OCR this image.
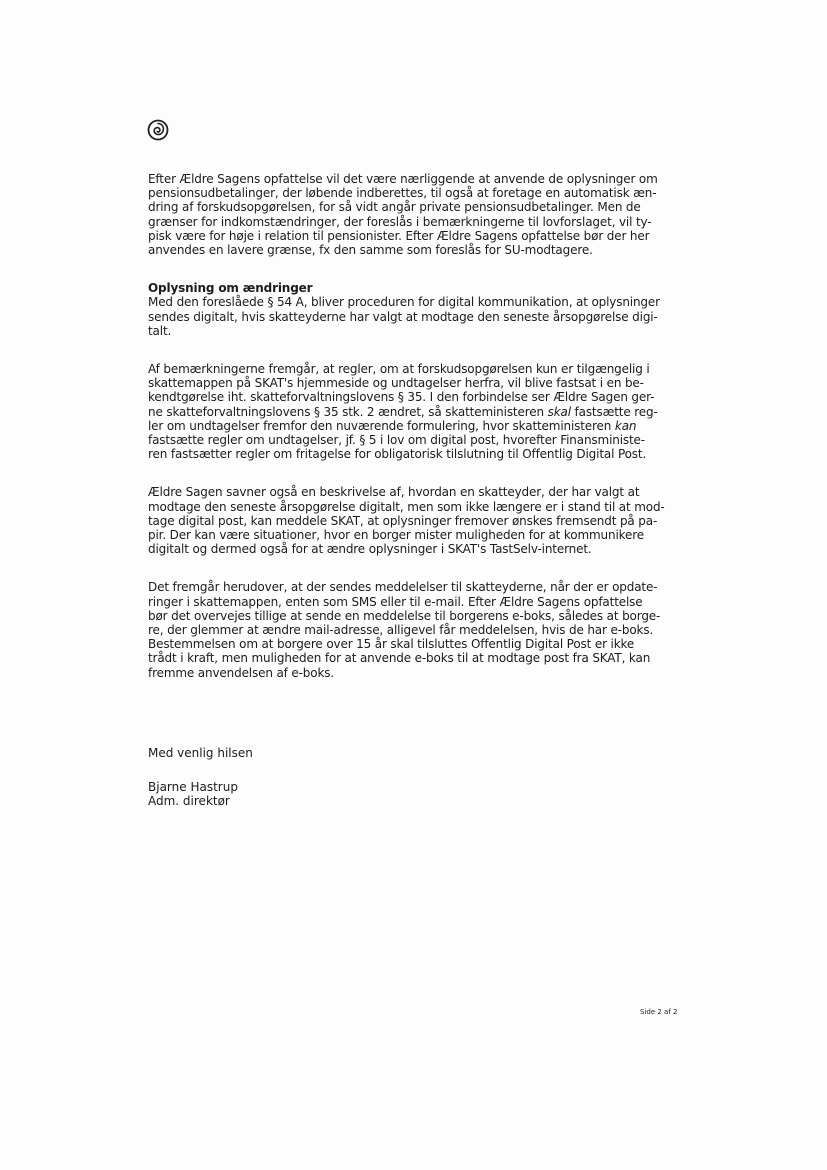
Efter Ældre Sagens opfattelse vil det være nærliggende at anvende de oplysninger om
pensionsudbetalinger, der løbende indberettes, til også at foretage en automatisk æn-
dring af forskudsopgørelsen, for så vidt angår private pensionsudbetalinger. Men de
grænser for indkomstændringer, der foreslås i bemærkningerne til lovforslaget, vil ty-
pisk være for høje i relation til pensionister. Efter Ældre Sagens opfattelse bør der her
anvendes en lavere grænse, fx den samme som foreslås for SU-modtagere.

Oplysning om ændringer
Med den foreslåede § 54 A, bliver proceduren for digital kommunikation, at oplysninger
sendes digitalt, hvis skatteyderne har valgt at modtage den seneste årsopgørelse digi-
talt.

Af bemærkningerne fremgår, at regler, om at forskudsopgørelsen kun er tilgængelig i
skattemappen på SKAT's hjemmeside og undtagelser herfra, vil blive fastsat i en be-
kendtgørelse iht. skatteforvaltningslovens § 35. I den forbindelse ser Ældre Sagen ger-
ne skatteforvaltningslovens § 35 stk. 2 ændret, så skatteministeren skal fastsætte reg-
ler om undtagelser fremfor den nuværende formulering, hvor skatteministeren kan
fastsætte regler om undtagelser, jf. § 5 i lov om digital post, hvorefter Finansministe-
ren fastsætter regler om fritagelse for obligatorisk tilslutning til Offentlig Digital Post.

Ældre Sagen savner også en beskrivelse af, hvordan en skatteyder, der har valgt at
modtage den seneste årsopgørelse digitalt, men som ikke længere er i stand til at mod-
tage digital post, kan meddele SKAT, at oplysninger fremover ønskes fremsendt på pa-
pir. Der kan være situationer, hvor en borger mister muligheden for at kommunikere
digitalt og dermed også for at ændre oplysninger i SKAT's TastSelv-internet.

Det fremgår herudover, at der sendes meddelelser til skatteyderne, når der er opdate-
ringer i skattemappen, enten som SMS eller til e-mail. Efter Ældre Sagens opfattelse
bør det overvejes tillige at sende en meddelelse til borgerens e-boks, således at borge-
re, der glemmer at ændre mail-adresse, alligevel får meddelelsen, hvis de har e-boks.
Bestemmelsen om at borgere over 15 år skal tilsluttes Offentlig Digital Post er ikke
trådt i kraft, men muligheden for at anvende e-boks til at modtage post fra SKAT, kan
fremme anvendelsen af e-boks.

Med venlig hilsen
Bjarne Hastrup
Adm. direktør
Side 2 af 2
